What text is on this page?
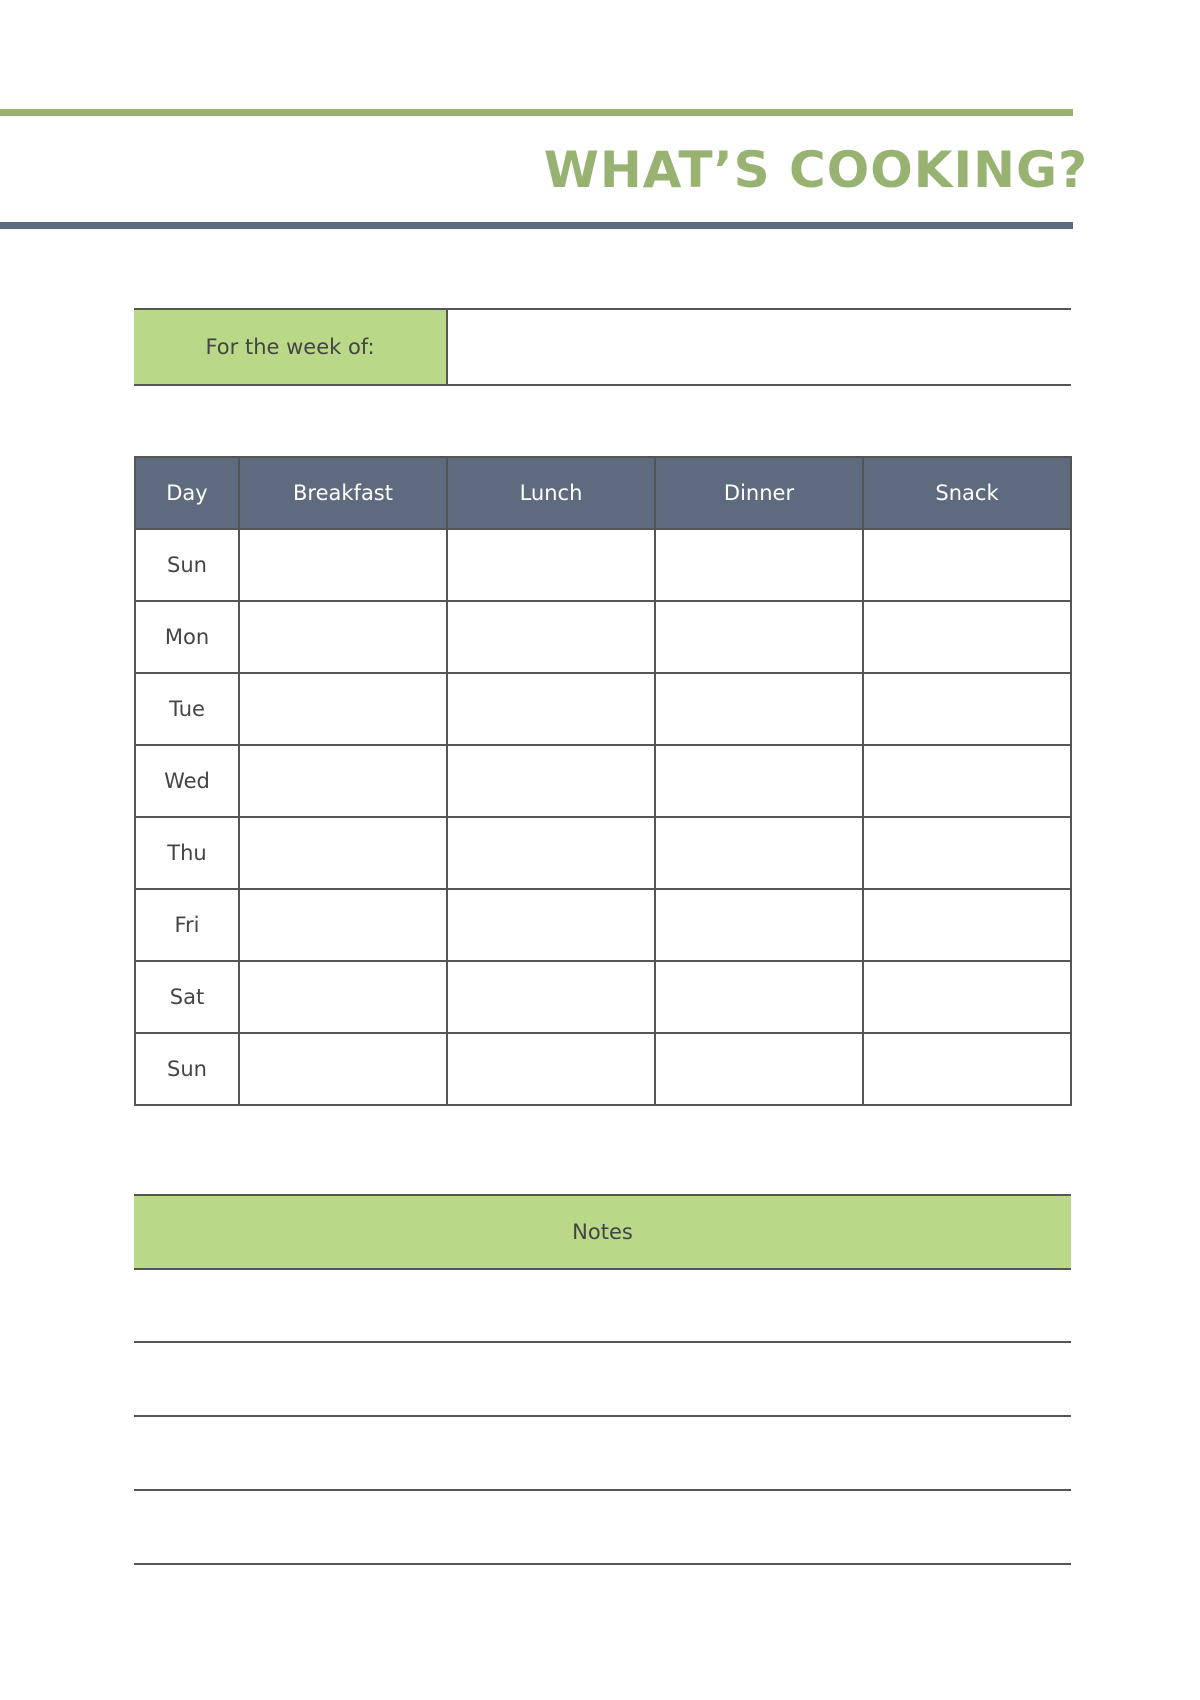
WHAT’S COOKING?
For the week of:
Day	Breakfast	Lunch	Dinner	Snack
Sun				
Mon				
Tue				
Wed				
Thu				
Fri				
Sat				
Sun				
Notes
